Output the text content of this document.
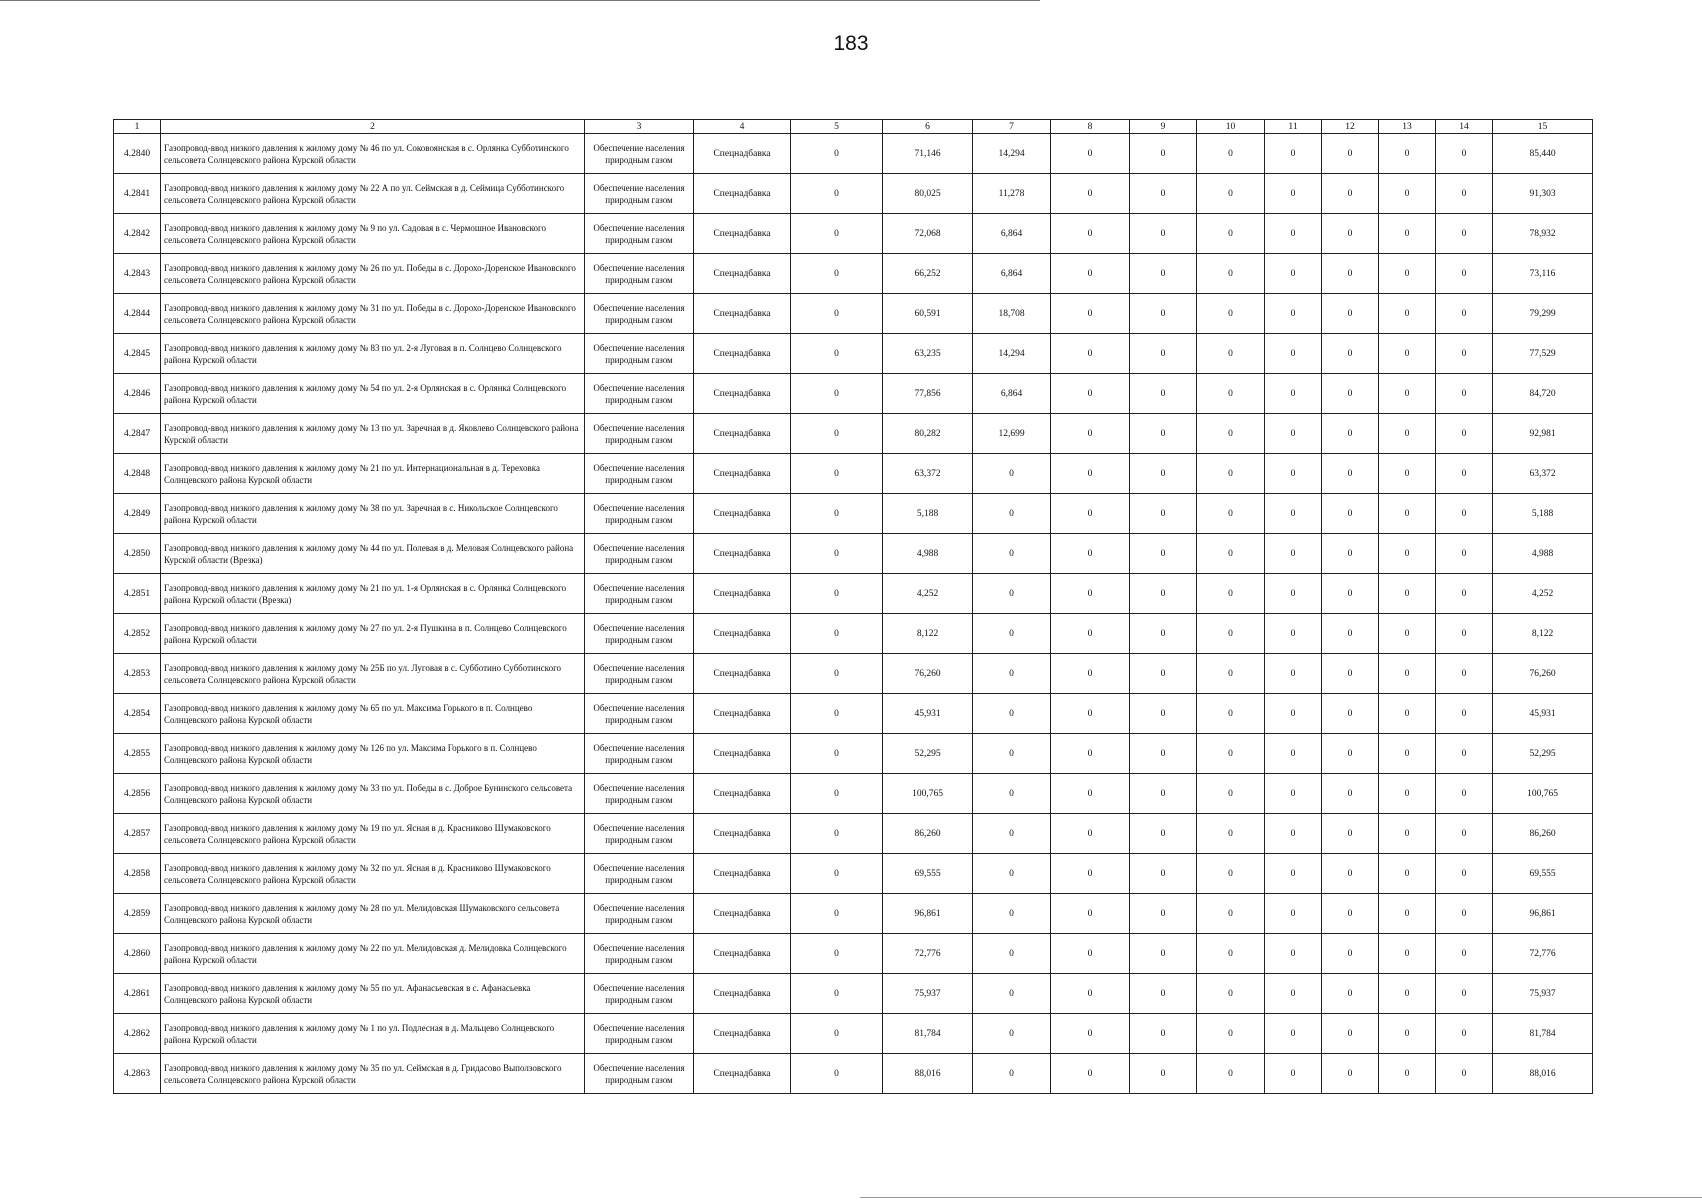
183
1	2	3	4	5	6	7	8	9	10	11	12	13	14	15
4.2840	Газопровод-ввод низкого давления к жилому дому № 46 по ул. Соковоянская в с. Орлянка Субботинского сельсовета Солнцевского района Курской области	Обеспечение населения природным газом	Спецнадбавка	0	71,146	14,294	0	0	0	0	0	0	0	85,440
4.2841	Газопровод-ввод низкого давления к жилому дому № 22 А по ул. Сеймская в д. Сеймица Субботинского сельсовета Солнцевского района Курской области	Обеспечение населения природным газом	Спецнадбавка	0	80,025	11,278	0	0	0	0	0	0	0	91,303
4.2842	Газопровод-ввод низкого давления к жилому дому № 9 по ул. Садовая в с. Чермошное Ивановского сельсовета Солнцевского района Курской области	Обеспечение населения природным газом	Спецнадбавка	0	72,068	6,864	0	0	0	0	0	0	0	78,932
4.2843	Газопровод-ввод низкого давления к жилому дому № 26 по ул. Победы в с. Дорохо-Доренское Ивановского сельсовета Солнцевского района Курской области	Обеспечение населения природным газом	Спецнадбавка	0	66,252	6,864	0	0	0	0	0	0	0	73,116
4.2844	Газопровод-ввод низкого давления к жилому дому № 31 по ул. Победы в с. Дорохо-Доренское Ивановского сельсовета Солнцевского района Курской области	Обеспечение населения природным газом	Спецнадбавка	0	60,591	18,708	0	0	0	0	0	0	0	79,299
4.2845	Газопровод-ввод низкого давления к жилому дому № 83 по ул. 2-я Луговая в п. Солнцево Солнцевского района Курской области	Обеспечение населения природным газом	Спецнадбавка	0	63,235	14,294	0	0	0	0	0	0	0	77,529
4.2846	Газопровод-ввод низкого давления к жилому дому № 54 по ул. 2-я Орлянская в с. Орлянка Солнцевского района Курской области	Обеспечение населения природным газом	Спецнадбавка	0	77,856	6,864	0	0	0	0	0	0	0	84,720
4.2847	Газопровод-ввод низкого давления к жилому дому № 13 по ул. Заречная в д. Яковлево Солнцевского района Курской области	Обеспечение населения природным газом	Спецнадбавка	0	80,282	12,699	0	0	0	0	0	0	0	92,981
4.2848	Газопровод-ввод низкого давления к жилому дому № 21 по ул. Интернациональная в д. Тереховка Солнцевского района Курской области	Обеспечение населения природным газом	Спецнадбавка	0	63,372	0	0	0	0	0	0	0	0	63,372
4.2849	Газопровод-ввод низкого давления к жилому дому № 38 по ул. Заречная в с. Никольское Солнцевского района Курской области	Обеспечение населения природным газом	Спецнадбавка	0	5,188	0	0	0	0	0	0	0	0	5,188
4.2850	Газопровод-ввод низкого давления к жилому дому № 44 по ул. Полевая в д. Меловая Солнцевского района Курской области (Врезка)	Обеспечение населения природным газом	Спецнадбавка	0	4,988	0	0	0	0	0	0	0	0	4,988
4.2851	Газопровод-ввод низкого давления к жилому дому № 21 по ул. 1-я Орлянская в с. Орлянка Солнцевского района Курской области (Врезка)	Обеспечение населения природным газом	Спецнадбавка	0	4,252	0	0	0	0	0	0	0	0	4,252
4.2852	Газопровод-ввод низкого давления к жилому дому № 27 по ул. 2-я Пушкина в п. Солнцево Солнцевского района Курской области	Обеспечение населения природным газом	Спецнадбавка	0	8,122	0	0	0	0	0	0	0	0	8,122
4.2853	Газопровод-ввод низкого давления к жилому дому № 25Б по ул. Луговая в с. Субботино Субботинского сельсовета Солнцевского района Курской области	Обеспечение населения природным газом	Спецнадбавка	0	76,260	0	0	0	0	0	0	0	0	76,260
4.2854	Газопровод-ввод низкого давления к жилому дому № 65 по ул. Максима Горького в п. Солнцево Солнцевского района Курской области	Обеспечение населения природным газом	Спецнадбавка	0	45,931	0	0	0	0	0	0	0	0	45,931
4.2855	Газопровод-ввод низкого давления к жилому дому № 126 по ул. Максима Горького в п. Солнцево Солнцевского района Курской области	Обеспечение населения природным газом	Спецнадбавка	0	52,295	0	0	0	0	0	0	0	0	52,295
4.2856	Газопровод-ввод низкого давления к жилому дому № 33 по ул. Победы в с. Доброе Бунинского сельсовета Солнцевского района Курской области	Обеспечение населения природным газом	Спецнадбавка	0	100,765	0	0	0	0	0	0	0	0	100,765
4.2857	Газопровод-ввод низкого давления к жилому дому № 19 по ул. Ясная в д. Красниково Шумаковского сельсовета Солнцевского района Курской области	Обеспечение населения природным газом	Спецнадбавка	0	86,260	0	0	0	0	0	0	0	0	86,260
4.2858	Газопровод-ввод низкого давления к жилому дому № 32 по ул. Ясная в д. Красниково Шумаковского сельсовета Солнцевского района Курской области	Обеспечение населения природным газом	Спецнадбавка	0	69,555	0	0	0	0	0	0	0	0	69,555
4.2859	Газопровод-ввод низкого давления к жилому дому № 28 по ул. Мелидовская Шумаковского сельсовета Солнцевского района Курской области	Обеспечение населения природным газом	Спецнадбавка	0	96,861	0	0	0	0	0	0	0	0	96,861
4.2860	Газопровод-ввод низкого давления к жилому дому № 22 по ул. Мелидовская д. Мелидовка Солнцевского района Курской области	Обеспечение населения природным газом	Спецнадбавка	0	72,776	0	0	0	0	0	0	0	0	72,776
4.2861	Газопровод-ввод низкого давления к жилому дому № 55 по ул. Афанасьевская в с. Афанасьевка Солнцевского района Курской области	Обеспечение населения природным газом	Спецнадбавка	0	75,937	0	0	0	0	0	0	0	0	75,937
4.2862	Газопровод-ввод низкого давления к жилому дому № 1 по ул. Подлесная в д. Мальцево Солнцевского района Курской области	Обеспечение населения природным газом	Спецнадбавка	0	81,784	0	0	0	0	0	0	0	0	81,784
4.2863	Газопровод-ввод низкого давления к жилому дому № 35 по ул. Сеймская в д. Гридасово Выползовского сельсовета Солнцевского района Курской области	Обеспечение населения природным газом	Спецнадбавка	0	88,016	0	0	0	0	0	0	0	0	88,016
